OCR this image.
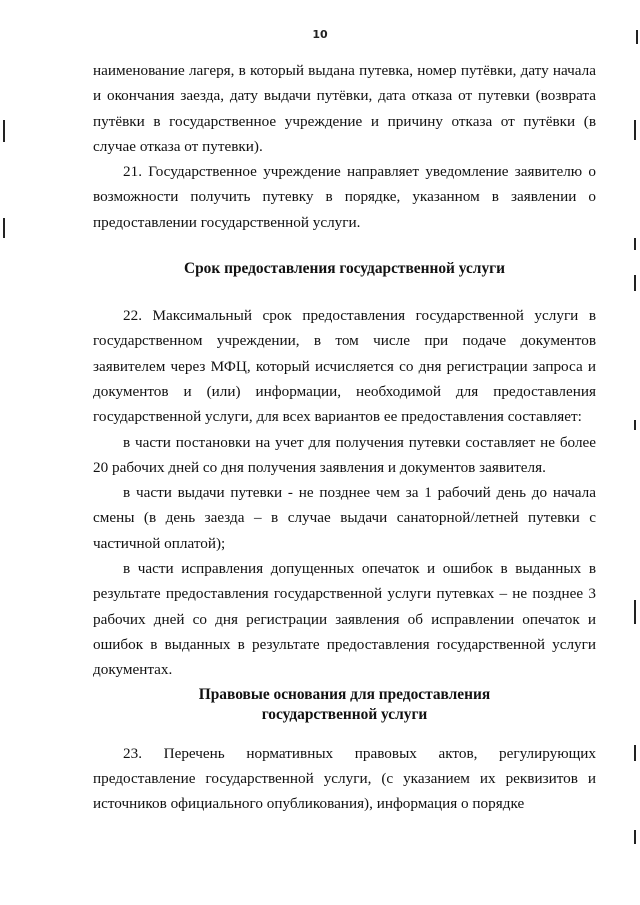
10

наименование лагеря, в который выдана путевка, номер путёвки, дату начала и окончания заезда, дату выдачи путёвки, дата отказа от путевки (возврата путёвки в государственное учреждение и причину отказа от путёвки (в случае отказа от путевки).

21. Государственное учреждение направляет уведомление заявителю о возможности получить путевку в порядке, указанном в заявлении о предоставлении государственной услуги.

Срок предоставления государственной услуги

22. Максимальный срок предоставления государственной услуги в государственном учреждении, в том числе при подаче документов заявителем через МФЦ, который исчисляется со дня регистрации запроса и документов и (или) информации, необходимой для предоставления государственной услуги, для всех вариантов ее предоставления составляет:

в части постановки на учет для получения путевки составляет не более 20 рабочих дней со дня получения заявления и документов заявителя.

в части выдачи путевки - не позднее чем за 1 рабочий день до начала смены (в день заезда – в случае выдачи санаторной/летней путевки с частичной оплатой);

в части исправления допущенных опечаток и ошибок в выданных в результате предоставления государственной услуги путевках – не позднее 3 рабочих дней со дня регистрации заявления об исправлении опечаток и ошибок в выданных в результате предоставления государственной услуги документах.

Правовые основания для предоставления
государственной услуги

23. Перечень нормативных правовых актов, регулирующих предоставление государственной услуги, (с указанием их реквизитов и источников официального опубликования), информация о порядке
